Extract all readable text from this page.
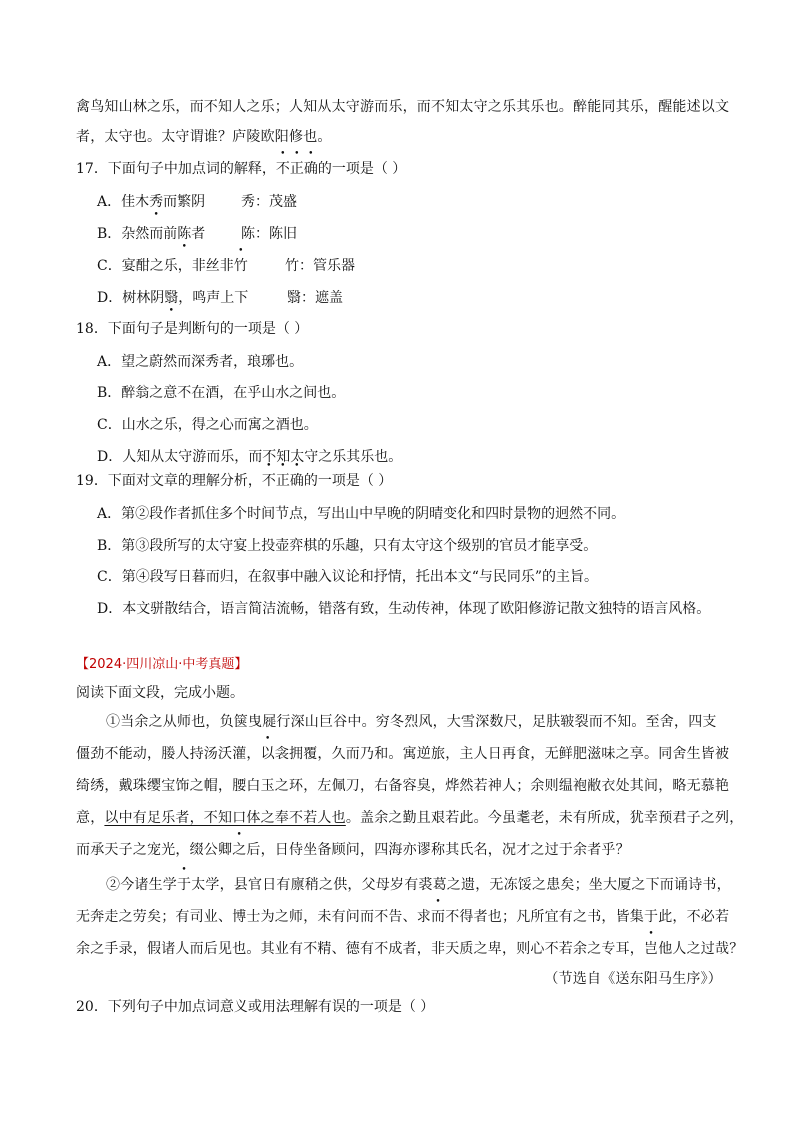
禽鸟知山林之乐，而不知人之乐；人知从太守游而乐，而不知太守之乐其乐也。醉能同其乐，醒能述以文
者，太守也。太守谓谁？庐陵欧阳修也。
17．下面句子中加点词的解释，不正确的一项是（ ）
A．佳木秀而繁阴	秀：茂盛
B．杂然而前陈者	陈：陈旧
C．宴酣之乐，非丝非竹	竹：管乐器
D．树林阴翳，鸣声上下	翳：遮盖
18．下面句子是判断句的一项是（ ）
A．望之蔚然而深秀者，琅琊也。
B．醉翁之意不在酒，在乎山水之间也。
C．山水之乐，得之心而寓之酒也。
D．人知从太守游而乐，而不知太守之乐其乐也。
19．下面对文章的理解分析，不正确的一项是（ ）
A．第②段作者抓住多个时间节点，写出山中早晚的阴晴变化和四时景物的迥然不同。
B．第③段所写的太守宴上投壶弈棋的乐趣，只有太守这个级别的官员才能享受。
C．第④段写日暮而归，在叙事中融入议论和抒情，托出本文“与民同乐”的主旨。
D．本文骈散结合，语言简洁流畅，错落有致，生动传神，体现了欧阳修游记散文独特的语言风格。
【2024·四川凉山·中考真题】
阅读下面文段，完成小题。
①当余之从师也，负箧曳屣行深山巨谷中。穷冬烈风，大雪深数尺，足肤皲裂而不知。至舍，四支
僵劲不能动，媵人持汤沃灌，以衾拥覆，久而乃和。寓逆旅，主人日再食，无鲜肥滋味之享。同舍生皆被
绮绣，戴珠缨宝饰之帽，腰白玉之环，左佩刀，右备容臭，烨然若神人；余则缊袍敝衣处其间，略无慕艳
意，以中有足乐者，不知口体之奉不若人也。盖余之勤且艰若此。今虽耄老，未有所成，犹幸预君子之列，
而承天子之宠光，缀公卿之后，日侍坐备顾问，四海亦谬称其氏名，况才之过于余者乎？
②今诸生学于太学，县官日有廪稍之供，父母岁有裘葛之遗，无冻馁之患矣；坐大厦之下而诵诗书，
无奔走之劳矣；有司业、博士为之师，未有问而不告、求而不得者也；凡所宜有之书，皆集于此，不必若
余之手录，假诸人而后见也。其业有不精、德有不成者，非天质之卑，则心不若余之专耳，岂他人之过哉？
（节选自《送东阳马生序》）
20．下列句子中加点词意义或用法理解有误的一项是（ ）
